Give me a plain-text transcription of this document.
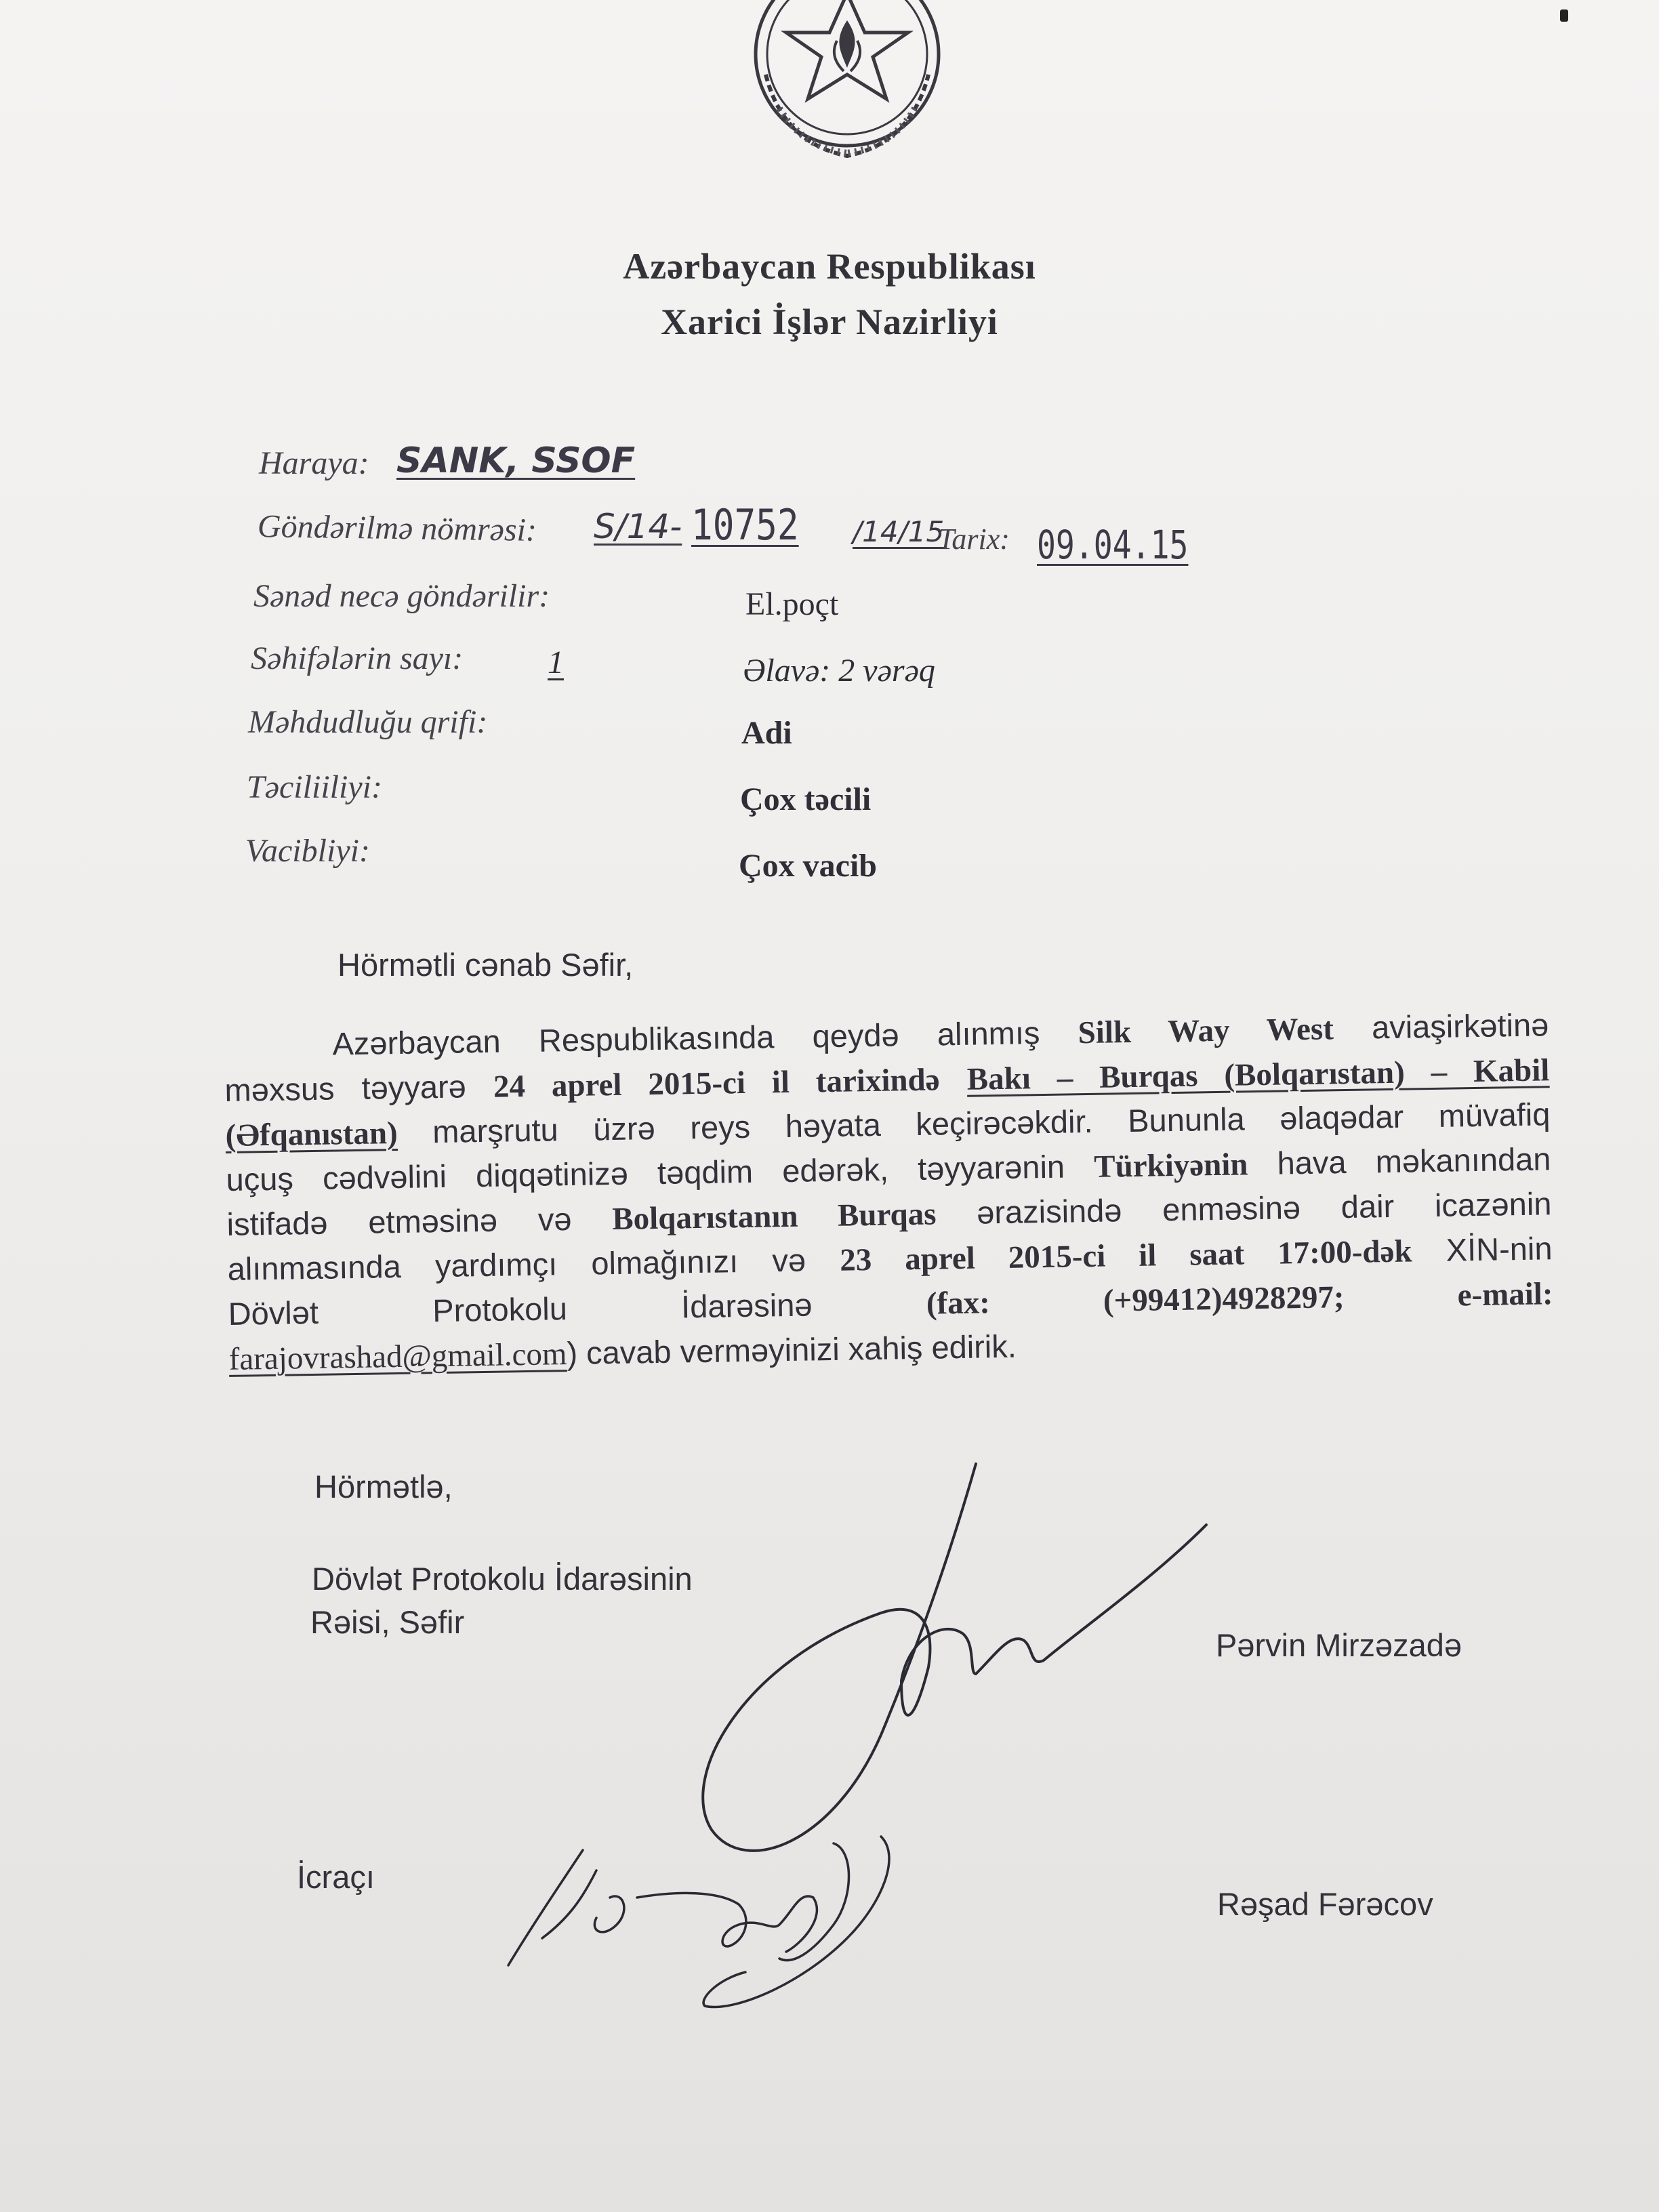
Azərbaycan Respublikası
Xarici İşlər Nazirliyi
Haraya: SANK, SSOF
Göndərilmə nömrəsi: S/14- 10752 /14/15
Tarix: 09.04.15
Sənəd necə göndərilir:	El.poçt
Səhifələrin sayı:	1	Əlavə: 2 vərəq
Məhdudluğu qrifi:	Adi
Təciliiliyi:	Çox təcili
Vacibliyi:	Çox vacib
Hörmətli cənab Səfir,
Azərbaycan Respublikasında qeydə alınmış Silk Way West aviaşirkətinə
məxsus təyyarə 24 aprel 2015-ci il tarixində Bakı – Burqas (Bolqarıstan) – Kabil
(Əfqanıstan) marşrutu üzrə reys həyata keçirəcəkdir. Bununla əlaqədar müvafiq
uçuş cədvəlini diqqətinizə təqdim edərək, təyyarənin Türkiyənin hava məkanından
istifadə etməsinə və Bolqarıstanın Burqas ərazisində enməsinə dair icazənin
alınmasında yardımçı olmağınızı və 23 aprel 2015-ci il saat 17:00-dək XİN-nin
Dövlət Protokolu İdarəsinə (fax: (+99412)4928297; e-mail:
farajovrashad@gmail.com) cavab verməyinizi xahiş edirik.
Hörmətlə,
Dövlət Protokolu İdarəsinin
Rəisi, Səfir
Pərvin Mirzəzadə
İcraçı
Rəşad Fərəcov
